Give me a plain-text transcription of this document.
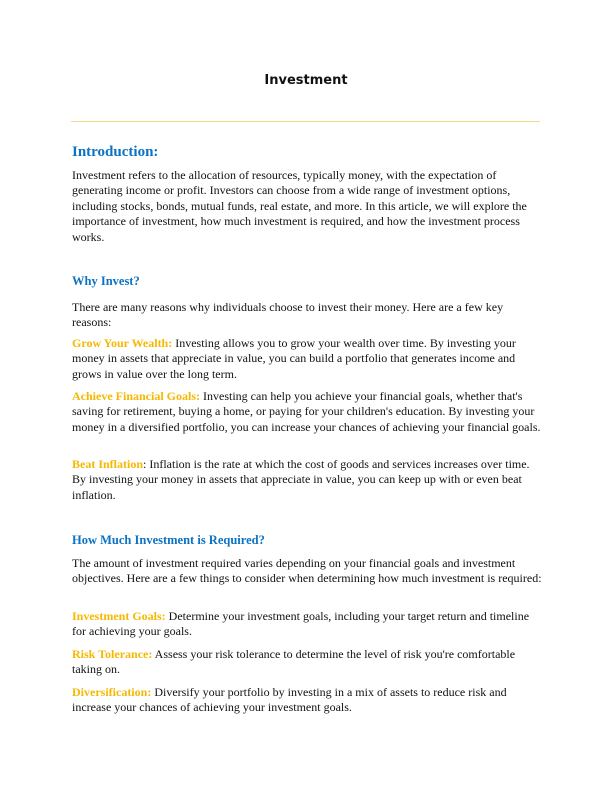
Investment
Introduction:
Investment refers to the allocation of resources, typically money, with the expectation of generating income or profit. Investors can choose from a wide range of investment options, including stocks, bonds, mutual funds, real estate, and more. In this article, we will explore the importance of investment, how much investment is required, and how the investment process works.
Why Invest?
There are many reasons why individuals choose to invest their money. Here are a few key reasons:
Grow Your Wealth: Investing allows you to grow your wealth over time. By investing your money in assets that appreciate in value, you can build a portfolio that generates income and grows in value over the long term.
Achieve Financial Goals: Investing can help you achieve your financial goals, whether that's saving for retirement, buying a home, or paying for your children's education. By investing your money in a diversified portfolio, you can increase your chances of achieving your financial goals.
Beat Inflation: Inflation is the rate at which the cost of goods and services increases over time. By investing your money in assets that appreciate in value, you can keep up with or even beat inflation.
How Much Investment is Required?
The amount of investment required varies depending on your financial goals and investment objectives. Here are a few things to consider when determining how much investment is required:
Investment Goals: Determine your investment goals, including your target return and timeline for achieving your goals.
Risk Tolerance: Assess your risk tolerance to determine the level of risk you're comfortable taking on.
Diversification: Diversify your portfolio by investing in a mix of assets to reduce risk and increase your chances of achieving your investment goals.
